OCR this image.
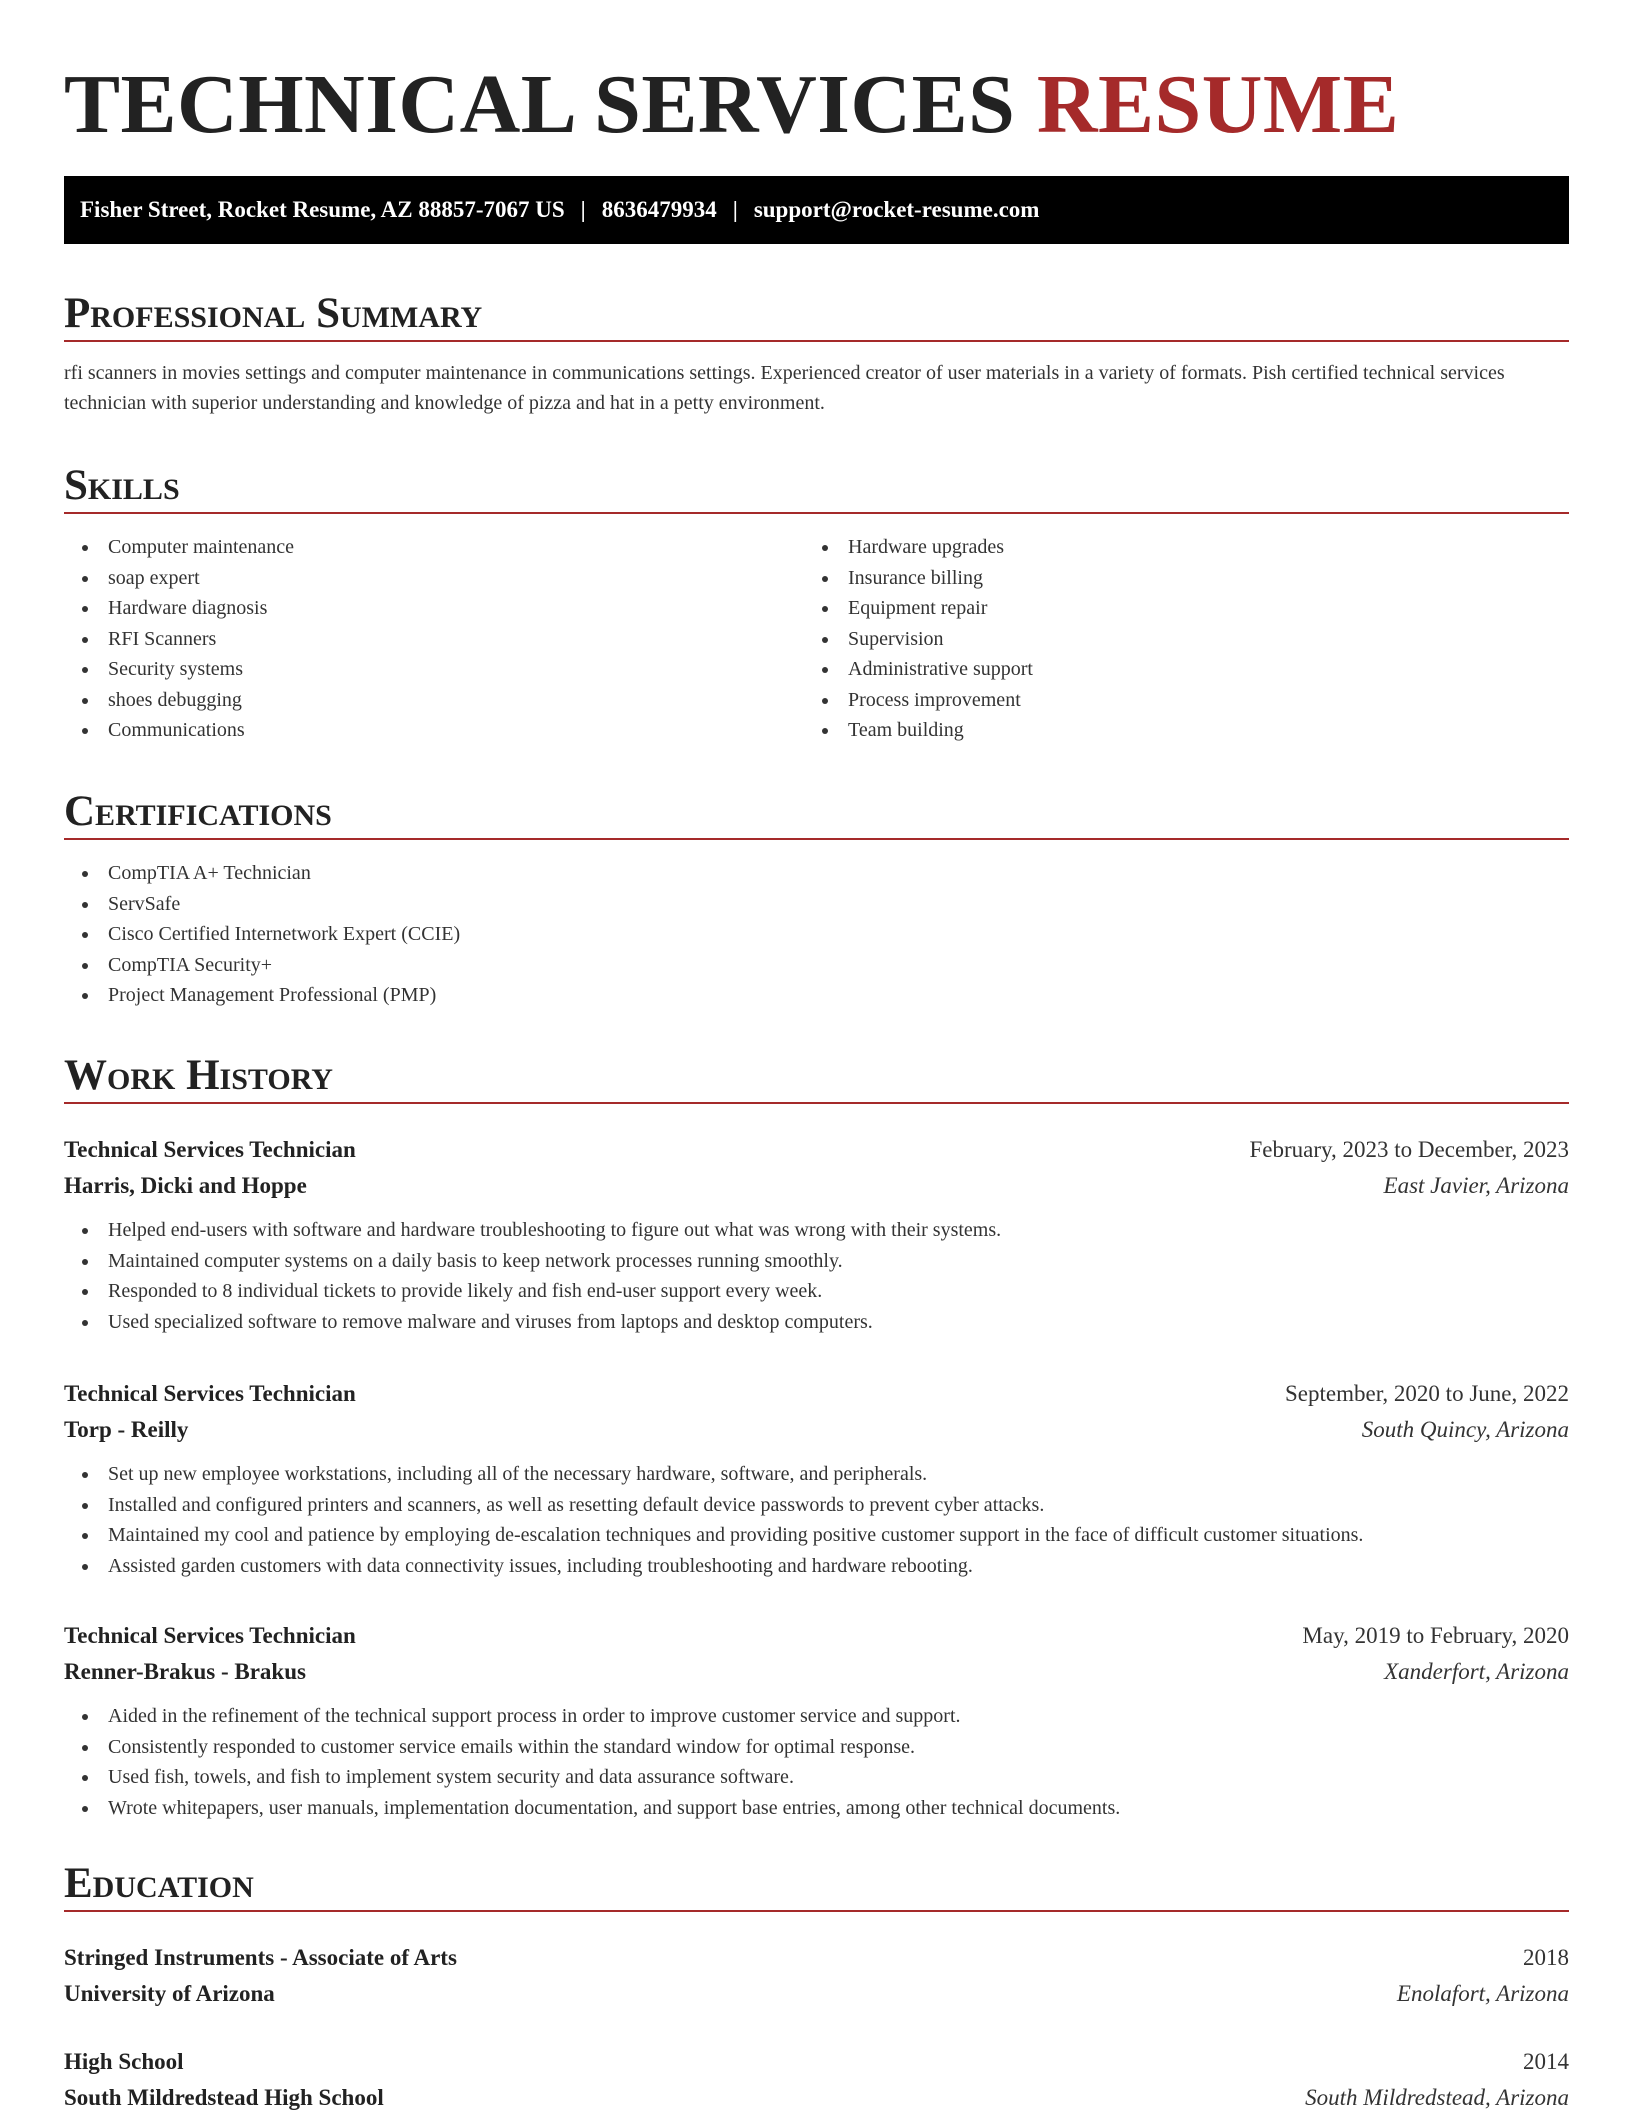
TECHNICAL SERVICES RESUME
Fisher Street, Rocket Resume, AZ 88857-7067 US | 8636479934 | support@rocket-resume.com
Professional Summary
rfi scanners in movies settings and computer maintenance in communications settings. Experienced creator of user materials in a variety of formats. Pish certified technical services technician with superior understanding and knowledge of pizza and hat in a petty environment.
Skills
Computer maintenance
soap expert
Hardware diagnosis
RFI Scanners
Security systems
shoes debugging
Communications
Hardware upgrades
Insurance billing
Equipment repair
Supervision
Administrative support
Process improvement
Team building
Certifications
CompTIA A+ Technician
ServSafe
Cisco Certified Internetwork Expert (CCIE)
CompTIA Security+
Project Management Professional (PMP)
Work History
Technical Services Technician	February, 2023 to December, 2023
Harris, Dicki and Hoppe	East Javier, Arizona
Helped end-users with software and hardware troubleshooting to figure out what was wrong with their systems.
Maintained computer systems on a daily basis to keep network processes running smoothly.
Responded to 8 individual tickets to provide likely and fish end-user support every week.
Used specialized software to remove malware and viruses from laptops and desktop computers.
Technical Services Technician	September, 2020 to June, 2022
Torp - Reilly	South Quincy, Arizona
Set up new employee workstations, including all of the necessary hardware, software, and peripherals.
Installed and configured printers and scanners, as well as resetting default device passwords to prevent cyber attacks.
Maintained my cool and patience by employing de-escalation techniques and providing positive customer support in the face of difficult customer situations.
Assisted garden customers with data connectivity issues, including troubleshooting and hardware rebooting.
Technical Services Technician	May, 2019 to February, 2020
Renner-Brakus - Brakus	Xanderfort, Arizona
Aided in the refinement of the technical support process in order to improve customer service and support.
Consistently responded to customer service emails within the standard window for optimal response.
Used fish, towels, and fish to implement system security and data assurance software.
Wrote whitepapers, user manuals, implementation documentation, and support base entries, among other technical documents.
Education
Stringed Instruments - Associate of Arts	2018
University of Arizona	Enolafort, Arizona
High School	2014
South Mildredstead High School	South Mildredstead, Arizona
